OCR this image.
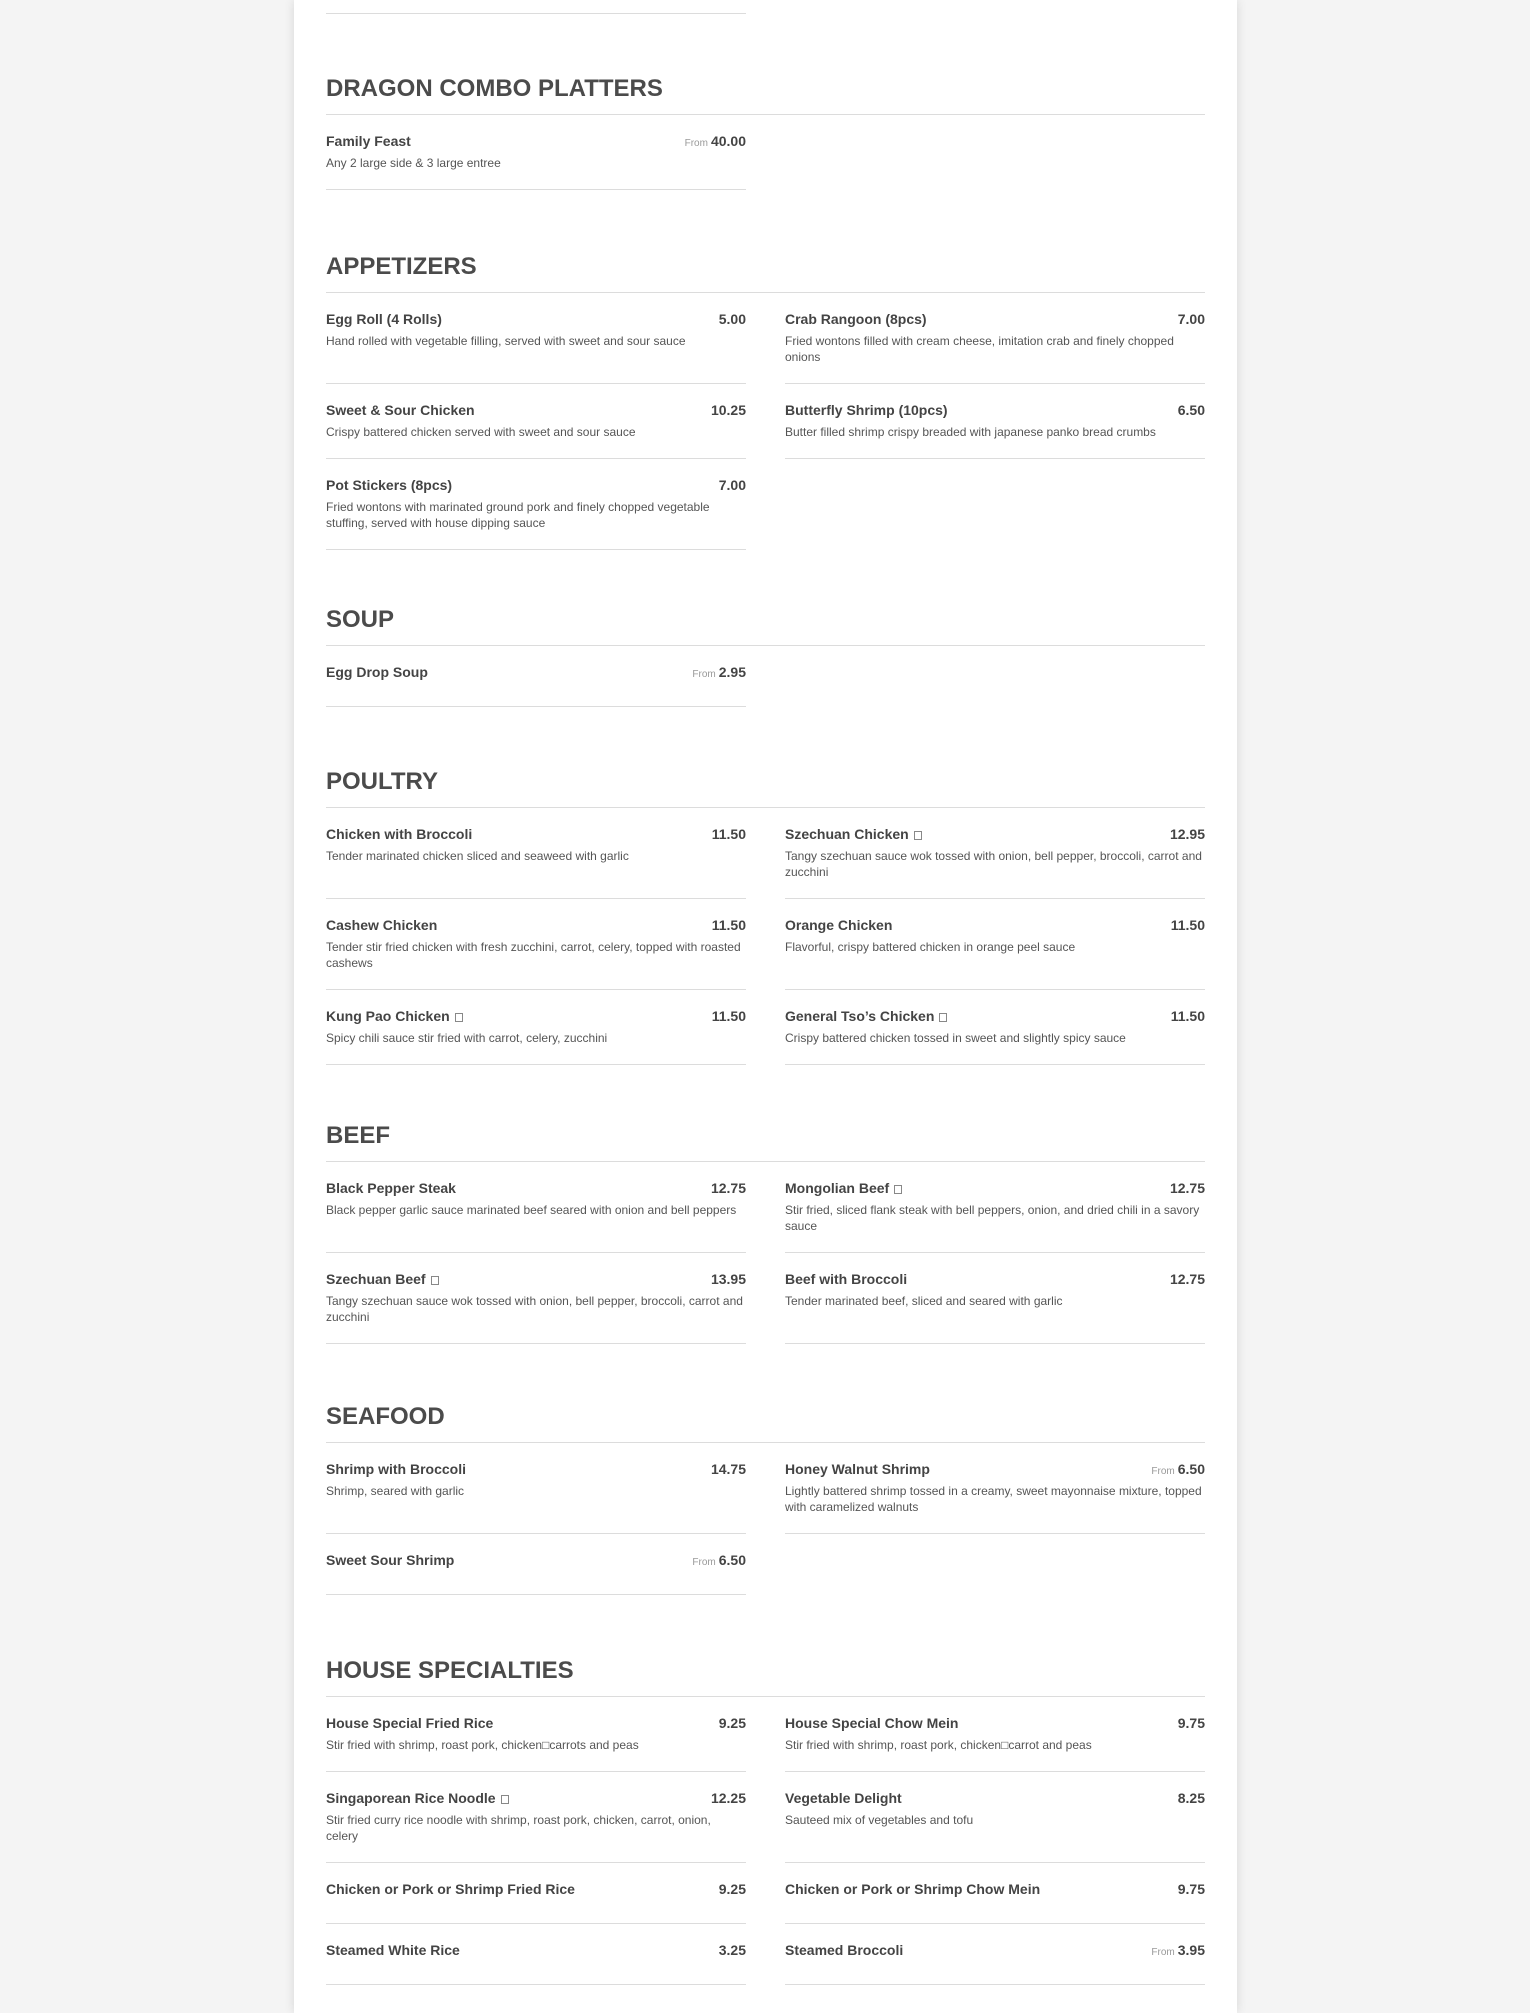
DRAGON COMBO PLATTERS
Family Feast	From 40.00
Any 2 large side & 3 large entree
APPETIZERS
Egg Roll (4 Rolls)	5.00
Hand rolled with vegetable filling, served with sweet and sour sauce
Crab Rangoon (8pcs)	7.00
Fried wontons filled with cream cheese, imitation crab and finely chopped onions
Sweet & Sour Chicken	10.25
Crispy battered chicken served with sweet and sour sauce
Butterfly Shrimp (10pcs)	6.50
Butter filled shrimp crispy breaded with japanese panko bread crumbs
Pot Stickers (8pcs)	7.00
Fried wontons with marinated ground pork and finely chopped vegetable stuffing, served with house dipping sauce
SOUP
Egg Drop Soup	From 2.95
POULTRY
Chicken with Broccoli	11.50
Tender marinated chicken sliced and seaweed with garlic
Szechuan Chicken	12.95
Tangy szechuan sauce wok tossed with onion, bell pepper, broccoli, carrot and zucchini
Cashew Chicken	11.50
Tender stir fried chicken with fresh zucchini, carrot, celery, topped with roasted cashews
Orange Chicken	11.50
Flavorful, crispy battered chicken in orange peel sauce
Kung Pao Chicken	11.50
Spicy chili sauce stir fried with carrot, celery, zucchini
General Tso’s Chicken	11.50
Crispy battered chicken tossed in sweet and slightly spicy sauce
BEEF
Black Pepper Steak	12.75
Black pepper garlic sauce marinated beef seared with onion and bell peppers
Mongolian Beef	12.75
Stir fried, sliced flank steak with bell peppers, onion, and dried chili in a savory sauce
Szechuan Beef	13.95
Tangy szechuan sauce wok tossed with onion, bell pepper, broccoli, carrot and zucchini
Beef with Broccoli	12.75
Tender marinated beef, sliced and seared with garlic
SEAFOOD
Shrimp with Broccoli	14.75
Shrimp, seared with garlic
Honey Walnut Shrimp	From 6.50
Lightly battered shrimp tossed in a creamy, sweet mayonnaise mixture, topped with caramelized walnuts
Sweet Sour Shrimp	From 6.50
HOUSE SPECIALTIES
House Special Fried Rice	9.25
Stir fried with shrimp, roast pork, chicken□carrots and peas
House Special Chow Mein	9.75
Stir fried with shrimp, roast pork, chicken□carrot and peas
Singaporean Rice Noodle	12.25
Stir fried curry rice noodle with shrimp, roast pork, chicken, carrot, onion, celery
Vegetable Delight	8.25
Sauteed mix of vegetables and tofu
Chicken or Pork or Shrimp Fried Rice	9.25	Chicken or Pork or Shrimp Chow Mein	9.75
Steamed White Rice	3.25	Steamed Broccoli	From 3.95
